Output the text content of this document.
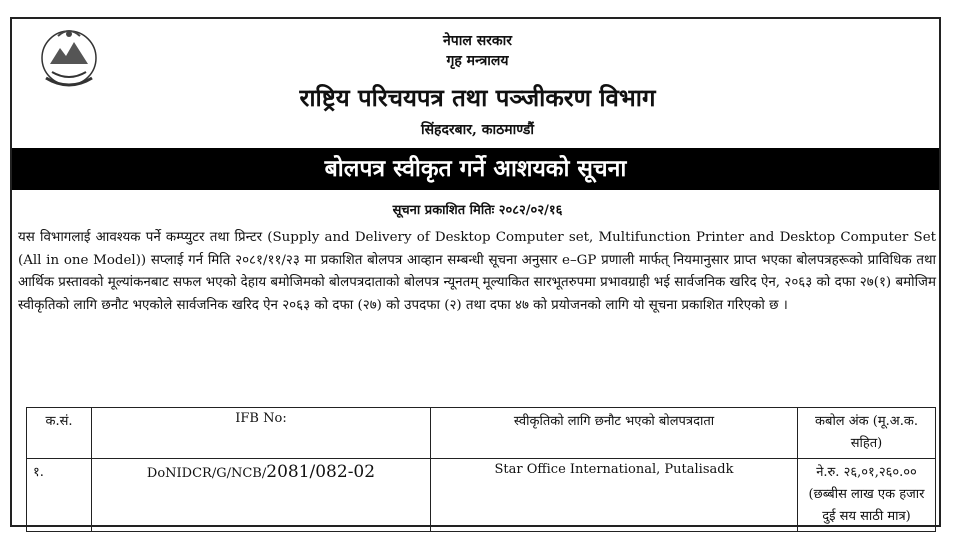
नेपाल सरकार
गृह मन्त्रालय
राष्ट्रिय परिचयपत्र तथा पञ्जीकरण विभाग
सिंहदरबार, काठमाण्डौं
बोलपत्र स्वीकृत गर्ने आशयको सूचना
सूचना प्रकाशित मितिः २०८२/०२/१६
यस विभागलाई आवश्यक पर्ने कम्प्युटर तथा प्रिन्टर (Supply and Delivery of Desktop Computer set, Multifunction Printer and Desktop Computer Set (All in one Model)) सप्लाई गर्न मिति २०८१/११/२३ मा प्रकाशित बोलपत्र आव्हान सम्बन्धी सूचना अनुसार e–GP प्रणाली मार्फत् नियमानुसार प्राप्त भएका बोलपत्रहरूको प्राविधिक तथा आर्थिक प्रस्तावको मूल्यांकनबाट सफल भएको देहाय बमोजिमको बोलपत्रदाताको बोलपत्र न्यूनतम् मूल्याकित सारभूतरुपमा प्रभावग्राही भई सार्वजनिक खरिद ऐन, २०६३ को दफा २७(१) बमोजिम स्वीकृतिको लागि छनौट भएकोले सार्वजनिक खरिद ऐन २०६३ को दफा (२७) को उपदफा (२) तथा दफा ४७ को प्रयोजनको लागि यो सूचना प्रकाशित गरिएको छ ।
क.सं.	IFB No:	स्वीकृतिको लागि छनौट भएको बोलपत्रदाता	कबोल अंक (मू.अ.क. सहित)
१.	DoNIDCR/G/NCB/2081/082-02	Star Office International, Putalisadk	ने.रु. २६,०१,२६०.००
(छब्बीस लाख एक हजार दुई सय साठी मात्र)
